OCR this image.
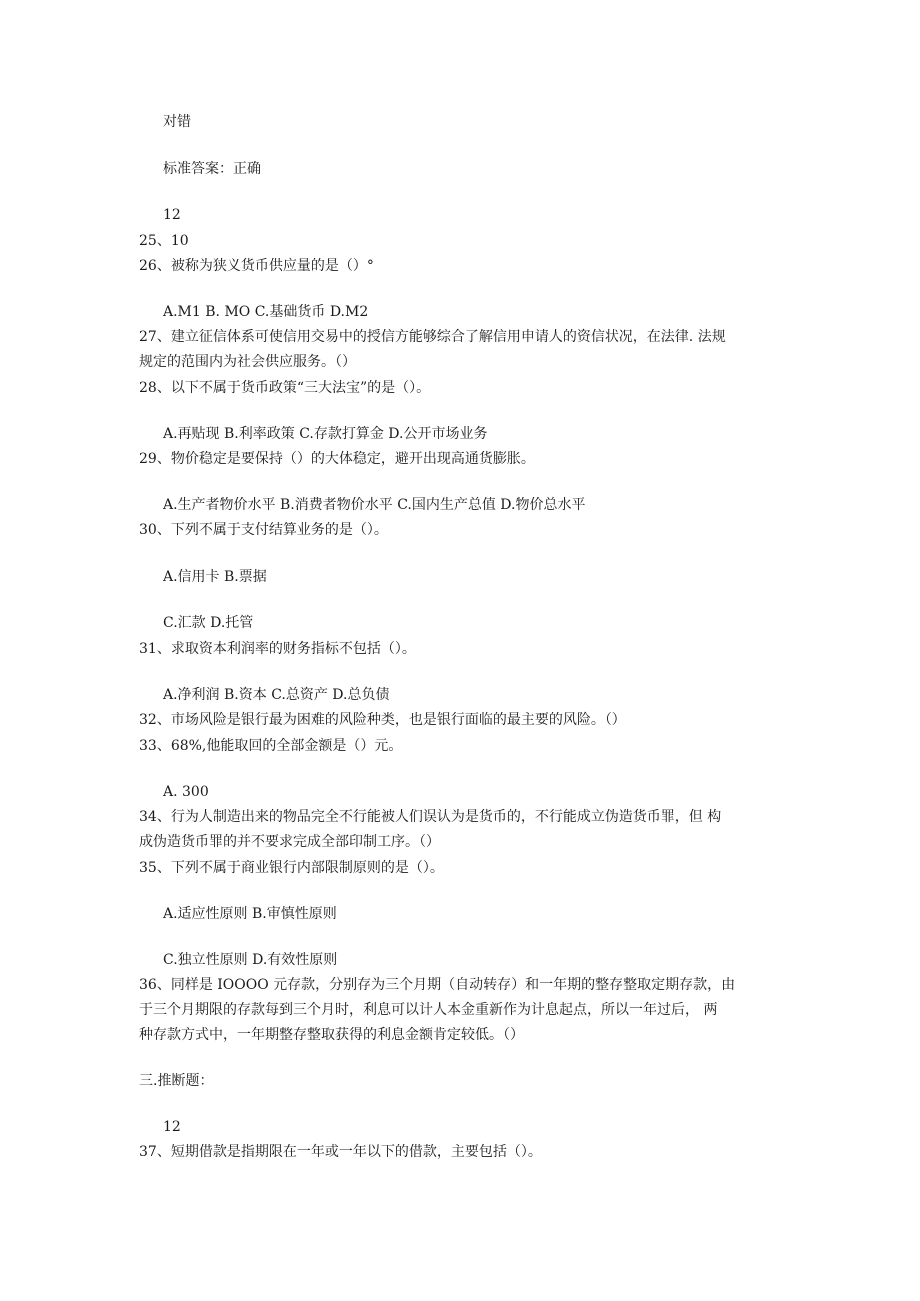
对错
标准答案：正确
12
25、10
26、被称为狭义货币供应量的是（）°
A.M1 B. MO C.基础货币 D.M2
27、建立征信体系可使信用交易中的授信方能够综合了解信用申请人的资信状况，在法律. 法规
规定的范围内为社会供应服务。（）
28、以下不属于货币政策“三大法宝”的是（）。
A.再贴现 B.利率政策 C.存款打算金 D.公开市场业务
29、物价稳定是要保持（）的大体稳定，避开出现高通货膨胀。
A.生产者物价水平 B.消费者物价水平 C.国内生产总值 D.物价总水平
30、下列不属于支付结算业务的是（）。
A.信用卡 B.票据
C.汇款 D.托管
31、求取资本利润率的财务指标不包括（）。
A.净利润 B.资本 C.总资产 D.总负债
32、市场风险是银行最为困难的风险种类，也是银行面临的最主要的风险。（）
33、68%,他能取回的全部金额是（）元。
A. 300
34、行为人制造出来的物品完全不行能被人们误认为是货币的，不行能成立伪造货币罪，但 构
成伪造货币罪的并不要求完成全部印制工序。（）
35、下列不属于商业银行内部限制原则的是（）。
A.适应性原则 B.审慎性原则
C.独立性原则 D.有效性原则
36、同样是 IOOOO 元存款，分别存为三个月期（自动转存）和一年期的整存整取定期存款，由
于三个月期限的存款每到三个月时，利息可以计人本金重新作为计息起点，所以一年过后， 两
种存款方式中，一年期整存整取获得的利息金额肯定较低。（）
三.推断题：
12
37、短期借款是指期限在一年或一年以下的借款，主要包括（）。
